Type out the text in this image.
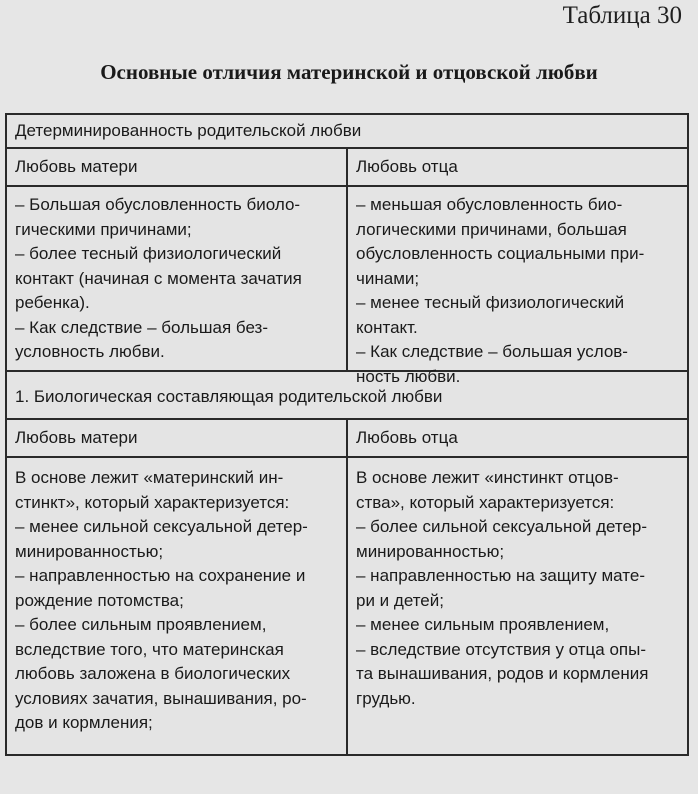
Таблица 30
Основные отличия материнской и отцовской любви
Детерминированность родительской любви
Любовь матери	Любовь отца
– Большая обусловленность биоло-
гическими причинами;
– более тесный физиологический
контакт (начиная с момента зачатия
ребенка).
– Как следствие – большая без-
условность любви.
– меньшая обусловленность био-
логическими причинами, большая
обусловленность социальными при-
чинами;
– менее тесный физиологический
контакт.
– Как следствие – большая услов-
ность любви.
1. Биологическая составляющая родительской любви
Любовь матери	Любовь отца
В основе лежит «материнский ин-
стинкт», который характеризуется:
– менее сильной сексуальной детер-
минированностью;
– направленностью на сохранение и
рождение потомства;
– более сильным проявлением,
вследствие того, что материнская
любовь заложена в биологических
условиях зачатия, вынашивания, ро-
дов и кормления;
В основе лежит «инстинкт отцов-
ства», который характеризуется:
– более сильной сексуальной детер-
минированностью;
– направленностью на защиту мате-
ри и детей;
– менее сильным проявлением,
– вследствие отсутствия у отца опы-
та вынашивания, родов и кормления
грудью.
